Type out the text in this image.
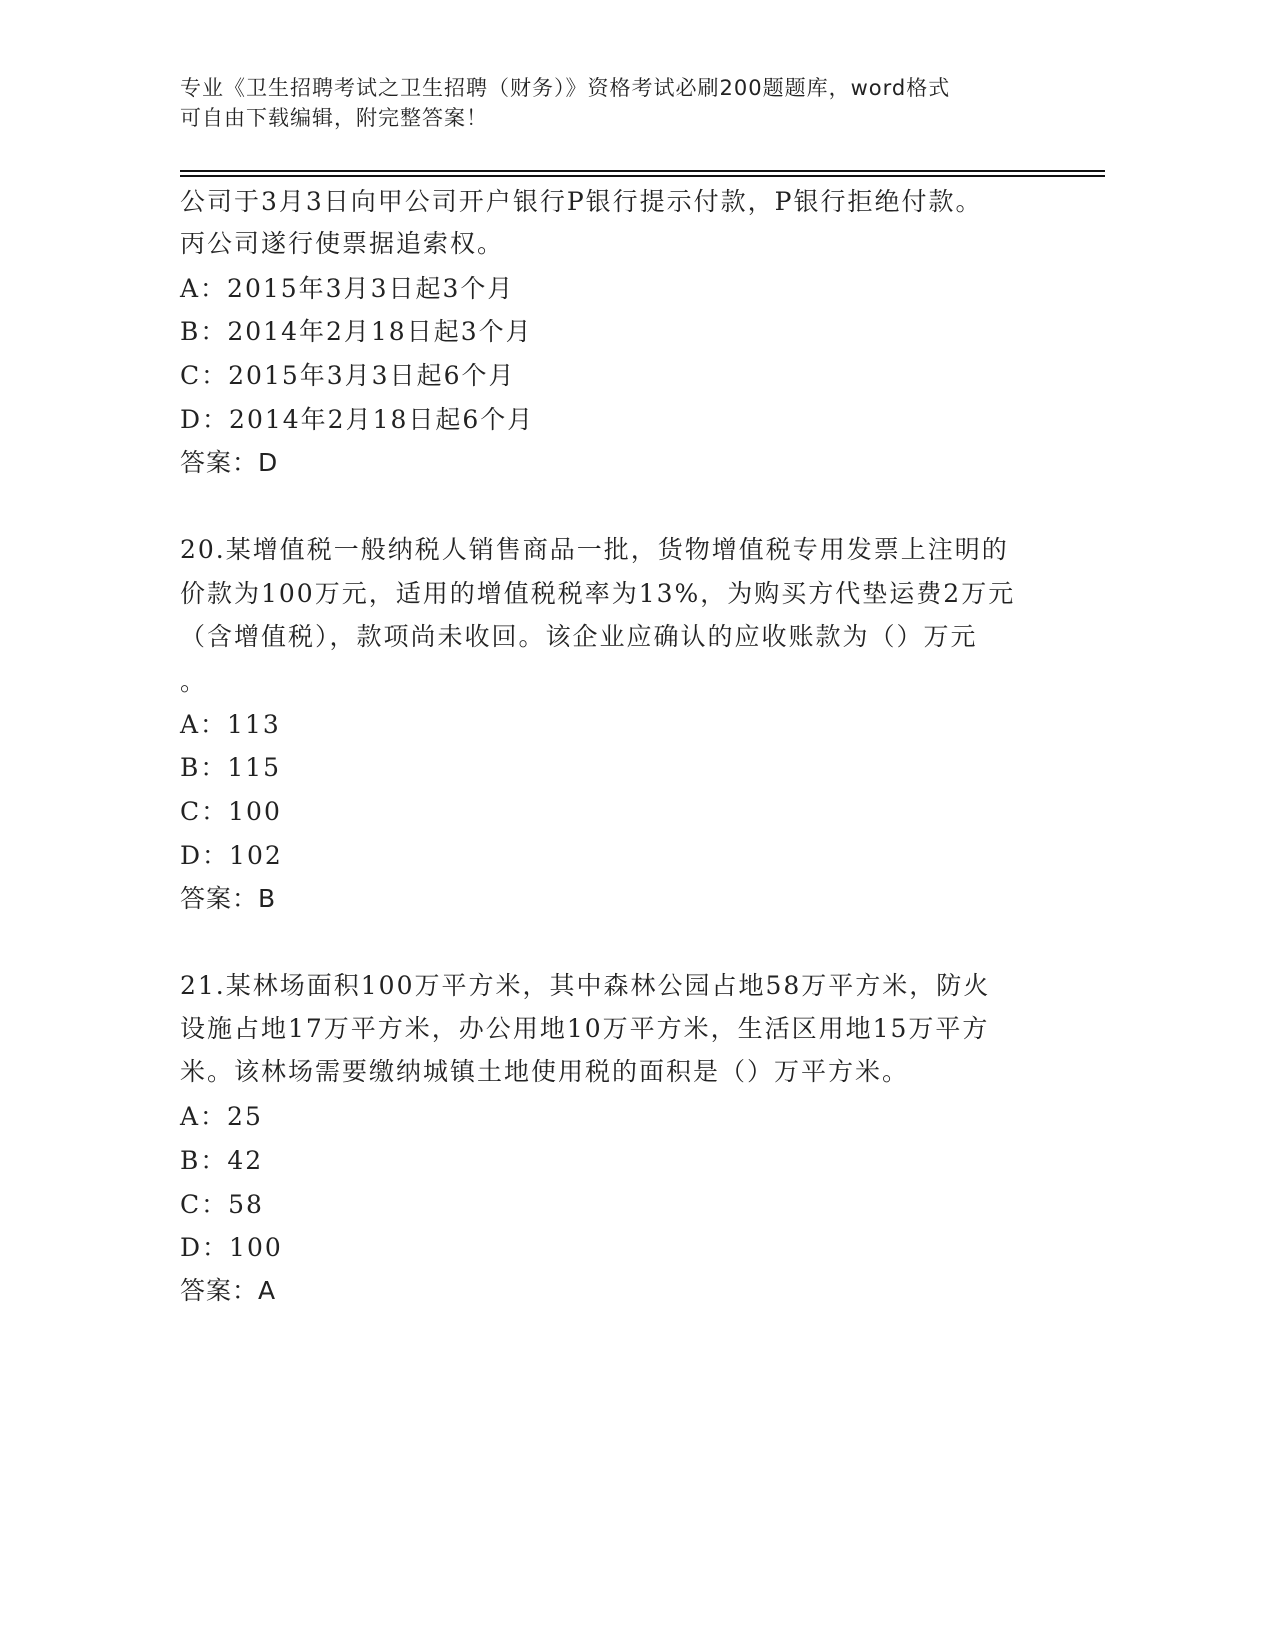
专业《卫生招聘考试之卫生招聘（财务）》资格考试必刷200题题库，word格式
可自由下载编辑，附完整答案！
公司于3月3日向甲公司开户银行P银行提示付款，P银行拒绝付款。
丙公司遂行使票据追索权。
A：2015年3月3日起3个月
B：2014年2月18日起3个月
C：2015年3月3日起6个月
D：2014年2月18日起6个月
答案：D
20.某增值税一般纳税人销售商品一批，货物增值税专用发票上注明的
价款为100万元，适用的增值税税率为13%，为购买方代垫运费2万元
（含增值税），款项尚未收回。该企业应确认的应收账款为（）万元
。
A：113
B：115
C：100
D：102
答案：B
21.某林场面积100万平方米，其中森林公园占地58万平方米，防火
设施占地17万平方米，办公用地10万平方米，生活区用地15万平方
米。该林场需要缴纳城镇土地使用税的面积是（）万平方米。
A：25
B：42
C：58
D：100
答案：A
